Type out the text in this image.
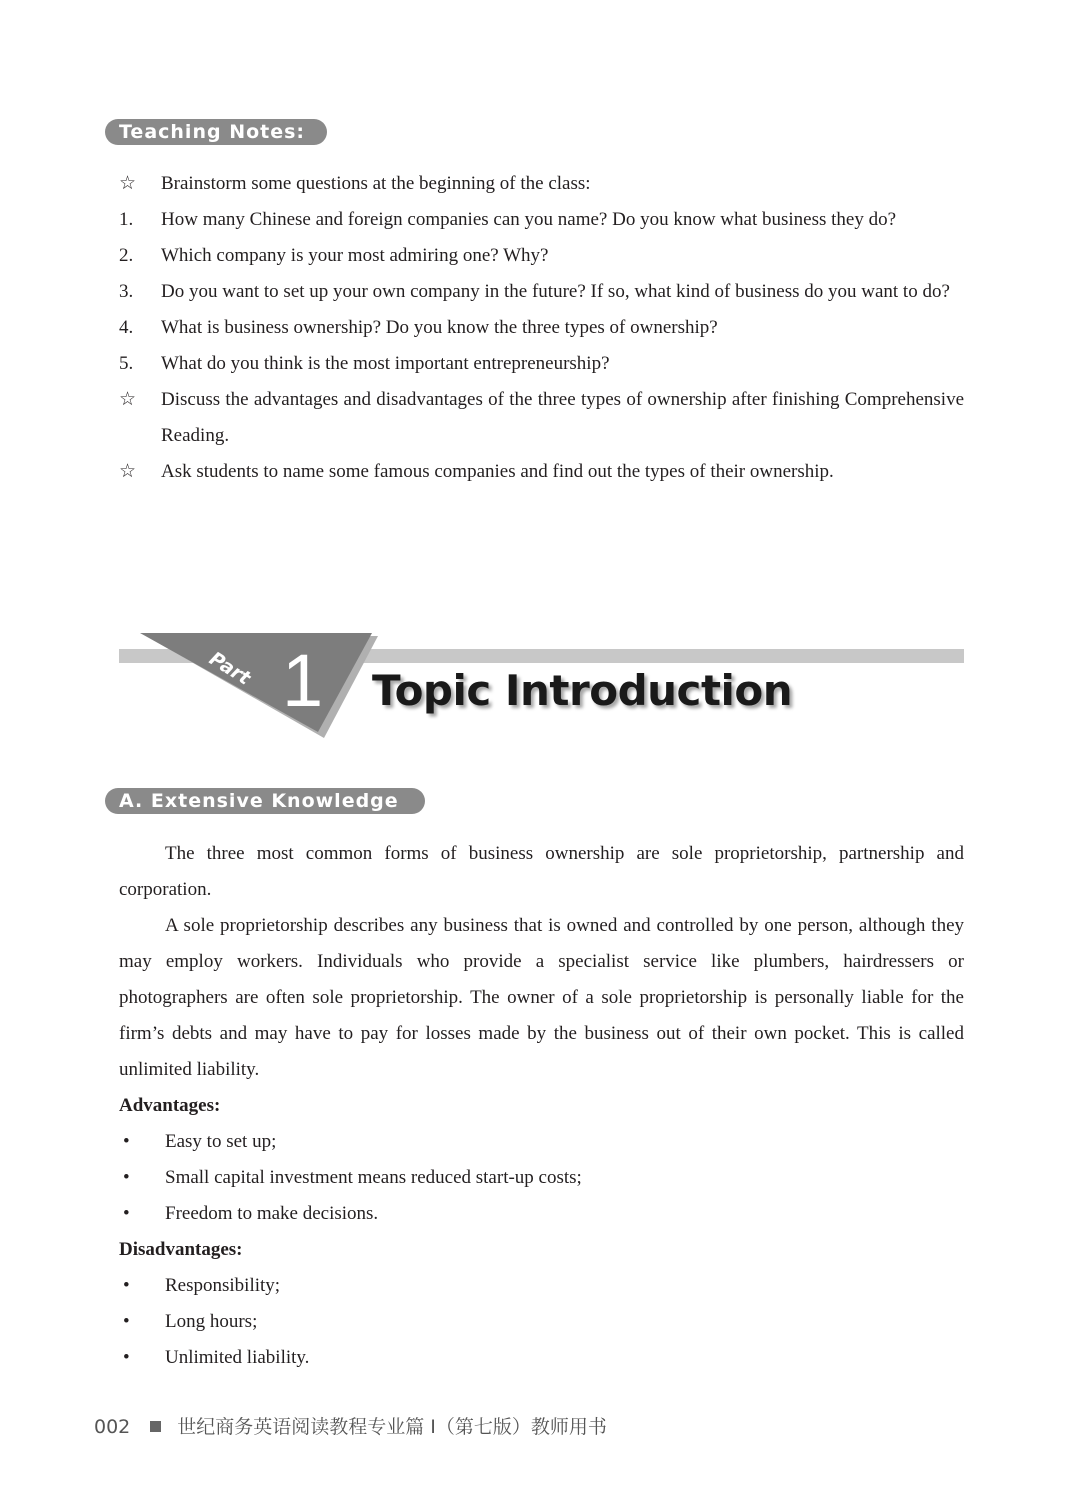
Teaching Notes:
☆	Brainstorm some questions at the beginning of the class:
1.	How many Chinese and foreign companies can you name? Do you know what business they do?
2.	Which company is your most admiring one? Why?
3.	Do you want to set up your own company in the future? If so, what kind of business do you want to do?
4.	What is business ownership? Do you know the three types of ownership?
5.	What do you think is the most important entrepreneurship?
☆	Discuss the advantages and disadvantages of the three types of ownership after finishing Comprehensive Reading.
☆	Ask students to name some famous companies and find out the types of their ownership.
Part 1 Topic Introduction
A. Extensive Knowledge

The three most common forms of business ownership are sole proprietorship, partnership and corporation.

A sole proprietorship describes any business that is owned and controlled by one person, although they may employ workers. Individuals who provide a specialist service like plumbers, hairdressers or photographers are often sole proprietorship. The owner of a sole proprietorship is personally liable for the firm’s debts and may have to pay for losses made by the business out of their own pocket. This is called unlimited liability.

Advantages:
•	Easy to set up;
•	Small capital investment means reduced start-up costs;
•	Freedom to make decisions.
Disadvantages:
•	Responsibility;
•	Long hours;
•	Unlimited liability.
002 世纪商务英语阅读教程专业篇 I（第七版）教师用书
